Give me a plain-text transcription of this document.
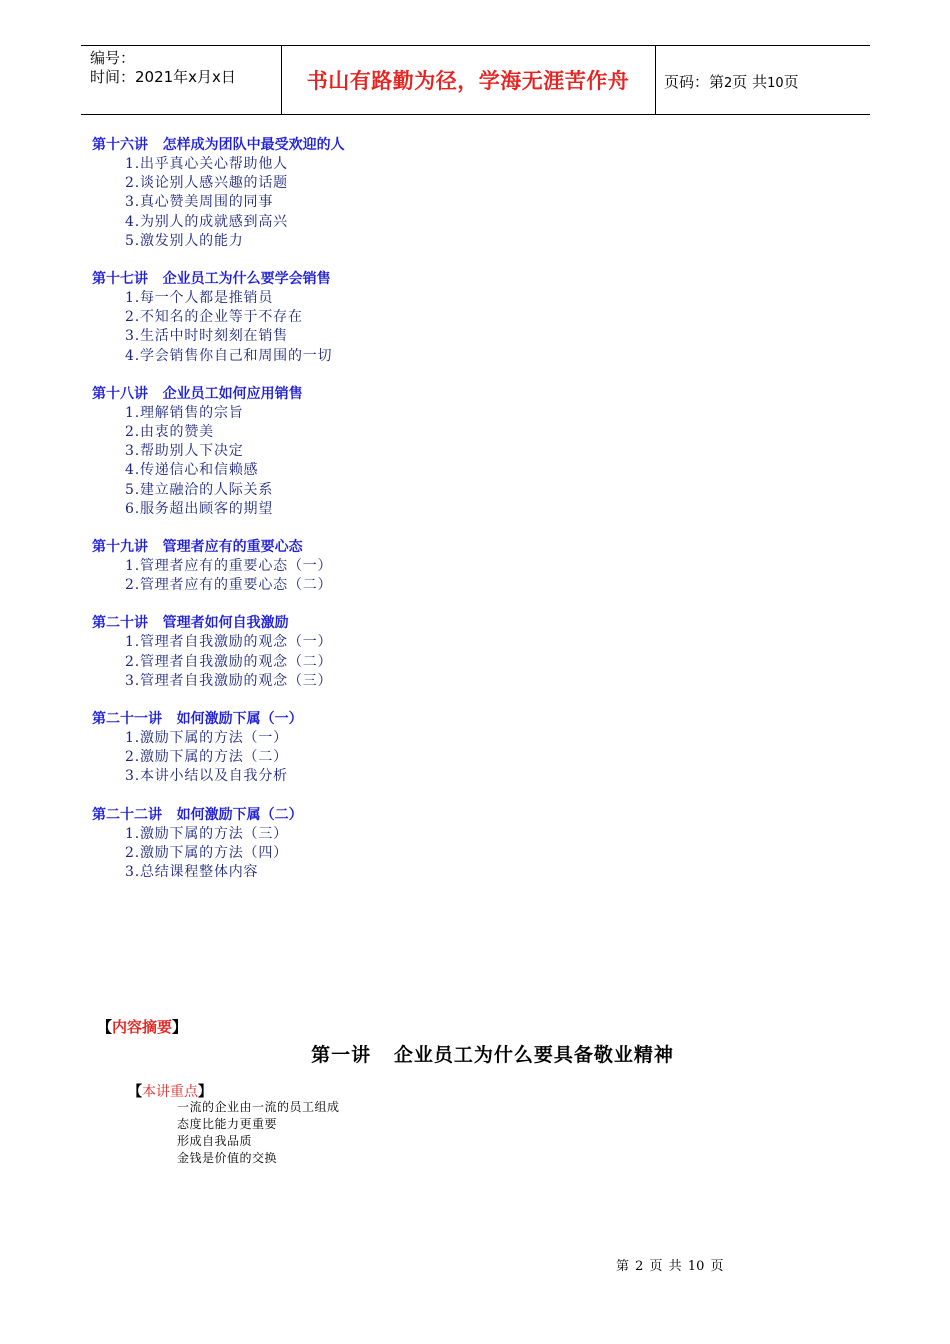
编号：
时间：2021年x月x日	书山有路勤为径，学海无涯苦作舟	页码：第2页 共10页
第十六讲   怎样成为团队中最受欢迎的人
1.出乎真心关心帮助他人
2.谈论别人感兴趣的话题
3.真心赞美周围的同事
4.为别人的成就感到高兴
5.激发别人的能力
第十七讲   企业员工为什么要学会销售
1.每一个人都是推销员
2.不知名的企业等于不存在
3.生活中时时刻刻在销售
4.学会销售你自己和周围的一切
第十八讲   企业员工如何应用销售
1.理解销售的宗旨
2.由衷的赞美
3.帮助别人下决定
4.传递信心和信赖感
5.建立融洽的人际关系
6.服务超出顾客的期望
第十九讲   管理者应有的重要心态
1.管理者应有的重要心态（一）
2.管理者应有的重要心态（二）
第二十讲   管理者如何自我激励
1.管理者自我激励的观念（一）
2.管理者自我激励的观念（二）
3.管理者自我激励的观念（三）
第二十一讲   如何激励下属（一）
1.激励下属的方法（一）
2.激励下属的方法（二）
3.本讲小结以及自我分析
第二十二讲   如何激励下属（二）
1.激励下属的方法（三）
2.激励下属的方法（四）
3.总结课程整体内容
【内容摘要】
第一讲   企业员工为什么要具备敬业精神
【本讲重点】
一流的企业由一流的员工组成
态度比能力更重要
形成自我品质
金钱是价值的交换
第 2 页 共 10 页
